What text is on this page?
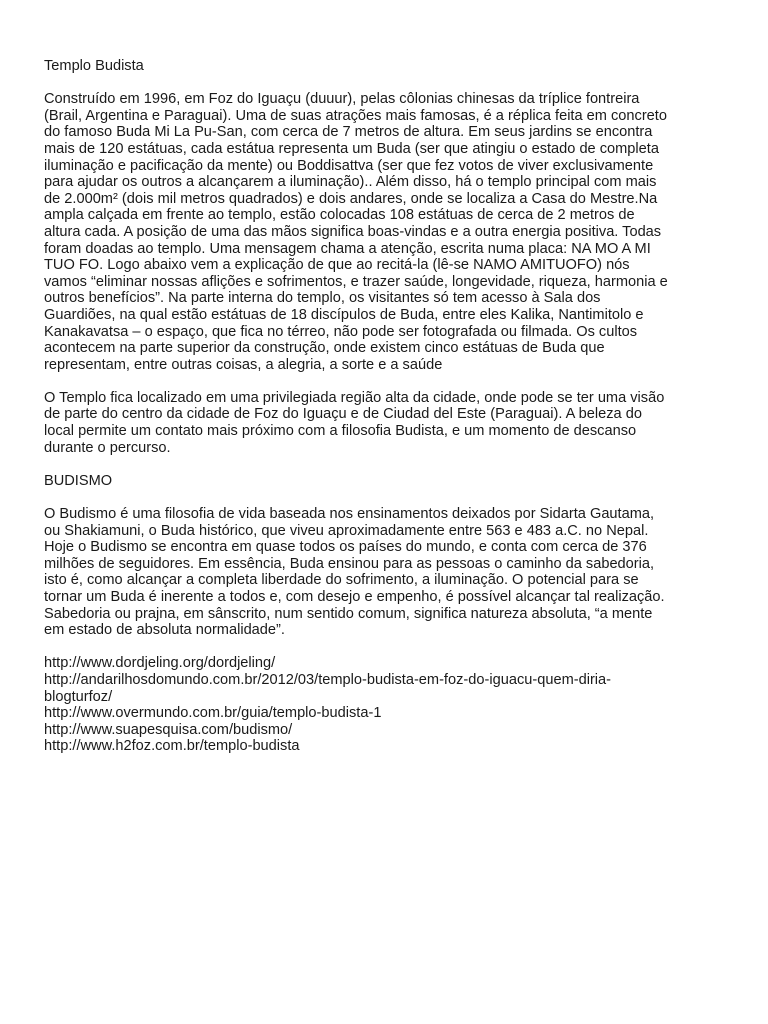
Templo Budista
Construído em 1996, em Foz do Iguaçu (duuur), pelas côlonias chinesas da tríplice fontreira
(Brail, Argentina e Paraguai). Uma de suas atrações mais famosas, é a réplica feita em concreto
do famoso Buda Mi La Pu-San, com cerca de 7 metros de altura. Em seus jardins se encontra
mais de 120 estátuas, cada estátua representa um Buda (ser que atingiu o estado de completa
iluminação e pacificação da mente) ou Boddisattva (ser que fez votos de viver exclusivamente
para ajudar os outros a alcançarem a iluminação).. Além disso, há o templo principal com mais
de 2.000m² (dois mil metros quadrados) e dois andares, onde se localiza a Casa do Mestre.Na
ampla calçada em frente ao templo, estão colocadas 108 estátuas de cerca de 2 metros de
altura cada. A posição de uma das mãos significa boas-vindas e a outra energia positiva. Todas
foram doadas ao templo. Uma mensagem chama a atenção, escrita numa placa: NA MO A MI
TUO FO. Logo abaixo vem a explicação de que ao recitá-la (lê-se NAMO AMITUOFO) nós
vamos “eliminar nossas aflições e sofrimentos, e trazer saúde, longevidade, riqueza, harmonia e
outros benefícios”. Na parte interna do templo, os visitantes só tem acesso à Sala dos
Guardiões, na qual estão estátuas de 18 discípulos de Buda, entre eles Kalika, Nantimitolo e
Kanakavatsa – o espaço, que fica no térreo, não pode ser fotografada ou filmada. Os cultos
acontecem na parte superior da construção, onde existem cinco estátuas de Buda que
representam, entre outras coisas, a alegria, a sorte e a saúde
O Templo fica localizado em uma privilegiada região alta da cidade, onde pode se ter uma visão
de parte do centro da cidade de Foz do Iguaçu e de Ciudad del Este (Paraguai). A beleza do
local permite um contato mais próximo com a filosofia Budista, e um momento de descanso
durante o percurso.
BUDISMO
O Budismo é uma filosofia de vida baseada nos ensinamentos deixados por Sidarta Gautama,
ou Shakiamuni, o Buda histórico, que viveu aproximadamente entre 563 e 483 a.C. no Nepal.
Hoje o Budismo se encontra em quase todos os países do mundo, e conta com cerca de 376
milhões de seguidores. Em essência, Buda ensinou para as pessoas o caminho da sabedoria,
isto é, como alcançar a completa liberdade do sofrimento, a iluminação. O potencial para se
tornar um Buda é inerente a todos e, com desejo e empenho, é possível alcançar tal realização.
Sabedoria ou prajna, em sânscrito, num sentido comum, significa natureza absoluta, “a mente
em estado de absoluta normalidade”.
http://www.dordjeling.org/dordjeling/
http://andarilhosdomundo.com.br/2012/03/templo-budista-em-foz-do-iguacu-quem-diria-
blogturfoz/
http://www.overmundo.com.br/guia/templo-budista-1
http://www.suapesquisa.com/budismo/
http://www.h2foz.com.br/templo-budista
